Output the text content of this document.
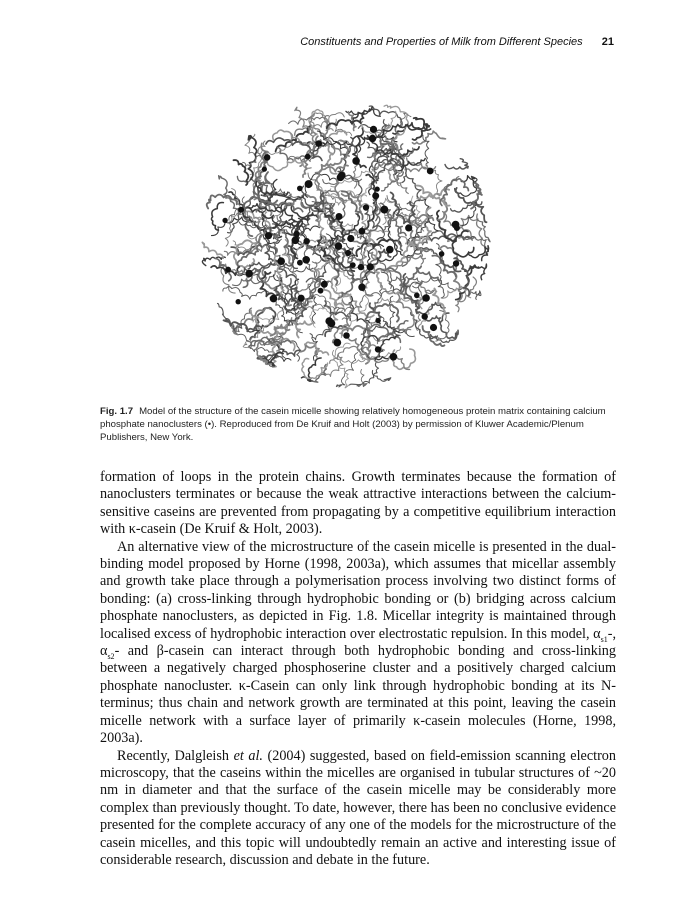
Constituents and Properties of Milk from Different Species 21
Fig. 1.7 Model of the structure of the casein micelle showing relatively homogeneous protein matrix containing calcium phosphate nanoclusters (•). Reproduced from De Kruif and Holt (2003) by permission of Kluwer Academic/Plenum Publishers, New York.

formation of loops in the protein chains. Growth terminates because the formation of nanoclusters terminates or because the weak attractive interactions between the calcium-sensitive caseins are prevented from propagating by a competitive equilibrium interaction with κ-casein (De Kruif & Holt, 2003).

An alternative view of the microstructure of the casein micelle is presented in the dual-binding model proposed by Horne (1998, 2003a), which assumes that micellar assembly and growth take place through a polymerisation process involving two distinct forms of bonding: (a) cross-linking through hydrophobic bonding or (b) bridging across calcium phosphate nanoclusters, as depicted in Fig. 1.8. Micellar integrity is maintained through localised excess of hydrophobic interaction over electrostatic repulsion. In this model, $\alpha_{s1}-$, $\alpha_{s2}-$ and β-casein can interact through both hydrophobic bonding and cross-linking between a negatively charged phosphoserine cluster and a positively charged calcium phosphate nanocluster. κ-Casein can only link through hydrophobic bonding at its N-terminus; thus chain and network growth are terminated at this point, leaving the casein micelle network with a surface layer of primarily κ-casein molecules (Horne, 1998, 2003a).

Recently, Dalgleish et al. (2004) suggested, based on field-emission scanning electron microscopy, that the caseins within the micelles are organised in tubular structures of ~20 nm in diameter and that the surface of the casein micelle may be considerably more complex than previously thought. To date, however, there has been no conclusive evidence presented for the complete accuracy of any one of the models for the microstructure of the casein micelles, and this topic will undoubtedly remain an active and interesting issue of considerable research, discussion and debate in the future.
